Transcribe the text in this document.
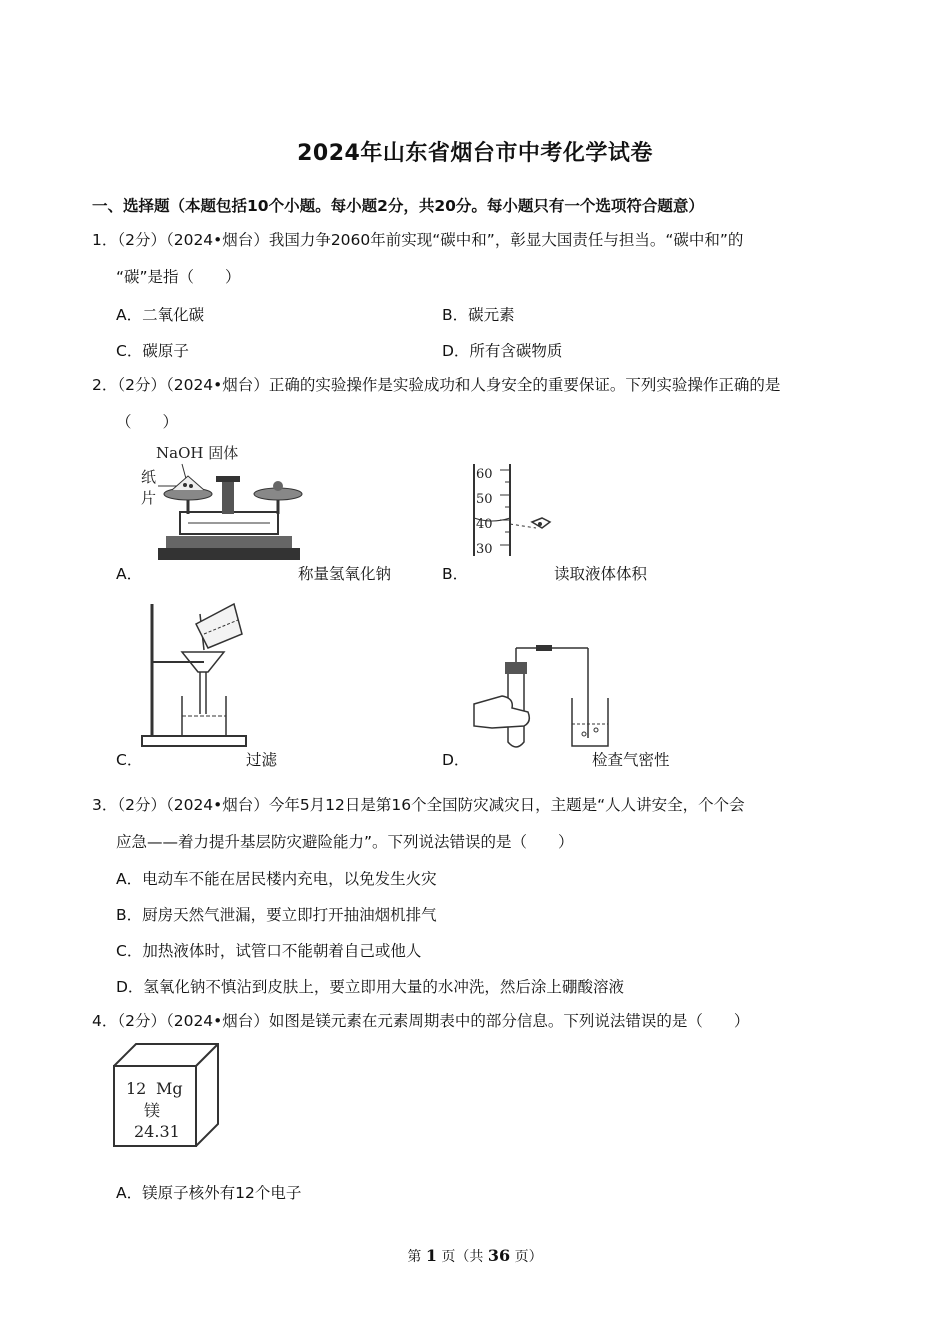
2024年山东省烟台市中考化学试卷
一、选择题（本题包括10个小题。每小题2分，共20分。每小题只有一个选项符合题意）
1．（2分）（2024•烟台）我国力争2060年前实现“碳中和”，彰显大国责任与担当。“碳中和”的
“碳”是指（　　）
A．二氧化碳	B．碳元素
C．碳原子	D．所有含碳物质
2．（2分）（2024•烟台）正确的实验操作是实验成功和人身安全的重要保证。下列实验操作正确的是
（　　）
NaOH 固体
纸
片
A．	称量氢氧化钠
60
50
40
30
B．	读取液体体积
C．	过滤	D．	检查气密性
3．（2分）（2024•烟台）今年5月12日是第16个全国防灾减灾日，主题是“人人讲安全，个个会
应急——着力提升基层防灾避险能力”。下列说法错误的是（　　）
A．电动车不能在居民楼内充电，以免发生火灾
B．厨房天然气泄漏，要立即打开抽油烟机排气
C．加热液体时，试管口不能朝着自己或他人
D．氢氧化钠不慎沾到皮肤上，要立即用大量的水冲洗，然后涂上硼酸溶液
4．（2分）（2024•烟台）如图是镁元素在元素周期表中的部分信息。下列说法错误的是（　　）
12 Mg
镁
24.31
A．镁原子核外有12个电子
第 1 页（共 36 页）
